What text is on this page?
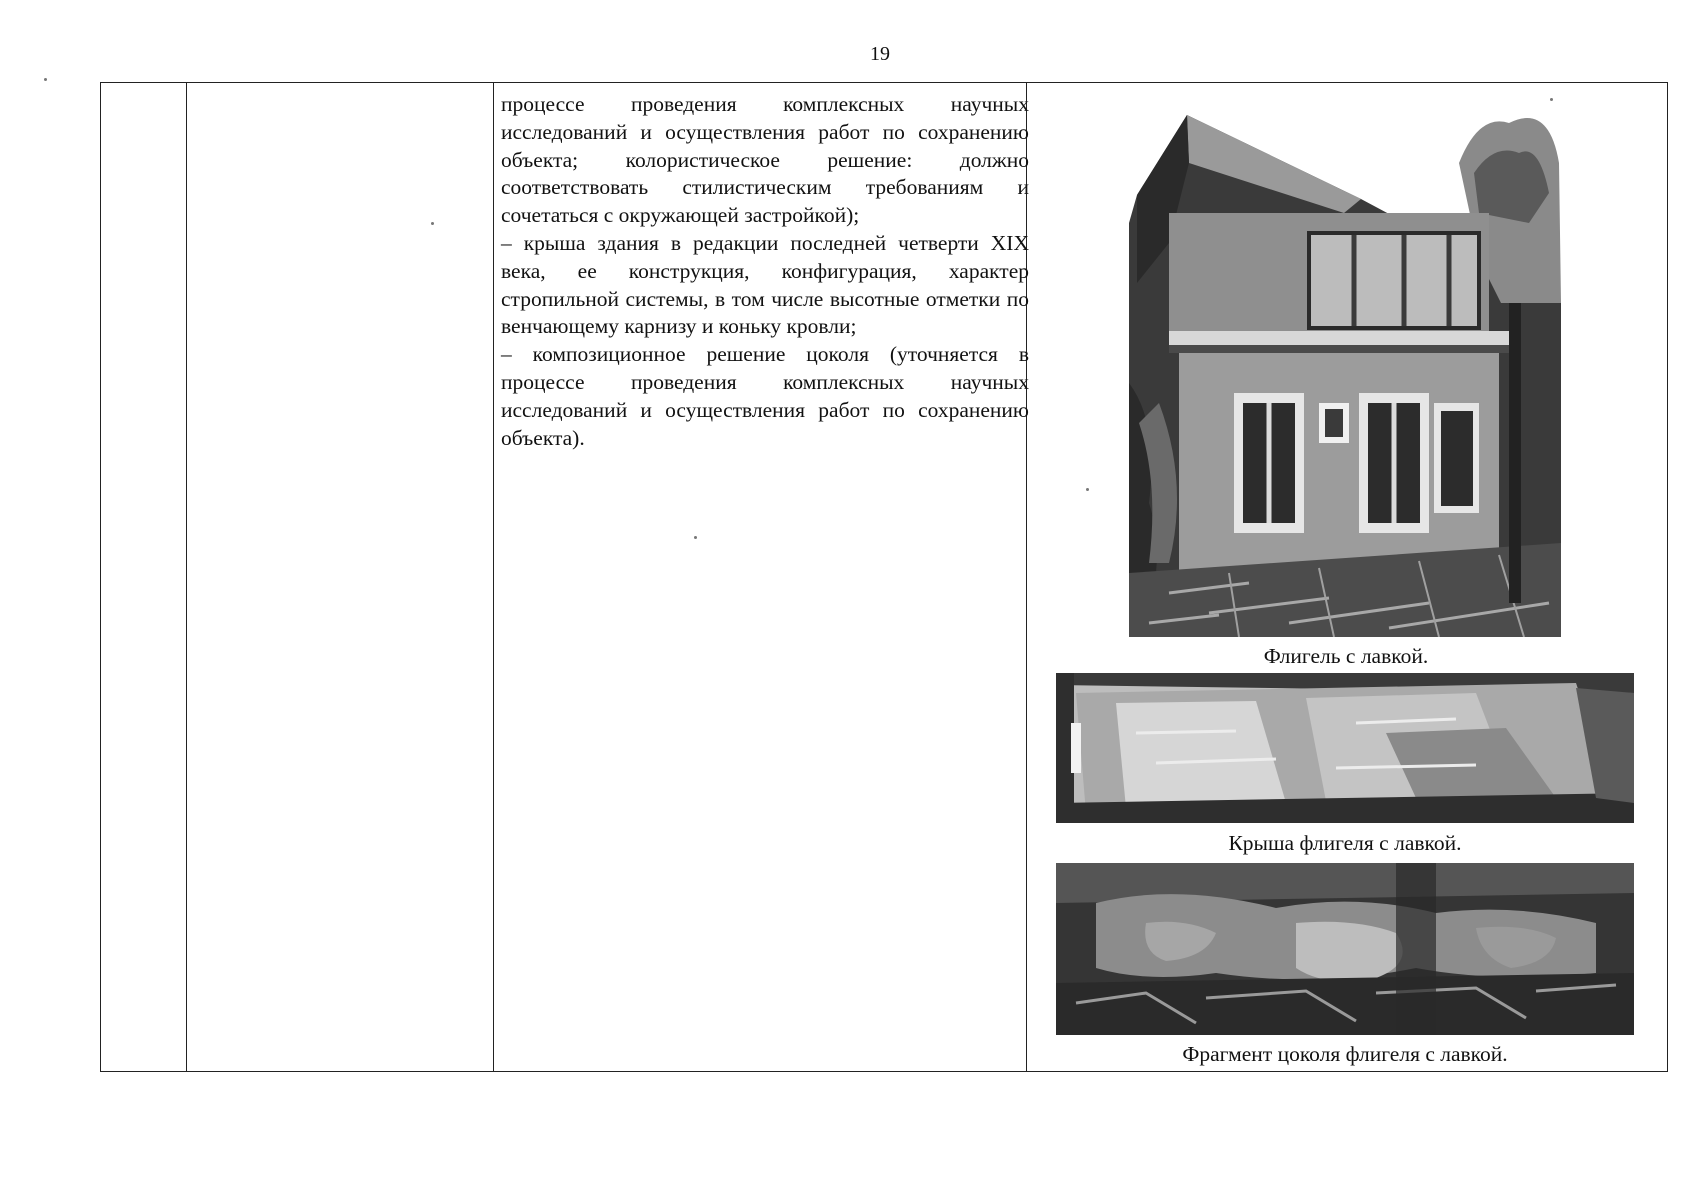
19

процессе проведения комплексных научных исследований и осуществления работ по сохранению объекта; колористическое решение: должно соответствовать стилистическим требованиям и сочетаться с окружающей застройкой);

– крыша здания в редакции последней четверти XIX века, ее конструкция, конфигурация, характер стропильной системы, в том числе высотные отметки по венчающему карнизу и коньку кровли;

– композиционное решение цоколя (уточняется в процессе проведения комплексных научных исследований и осуществления работ по сохранению объекта).

Флигель с лавкой.
Крыша флигеля с лавкой.
Фрагмент цоколя флигеля с лавкой.
